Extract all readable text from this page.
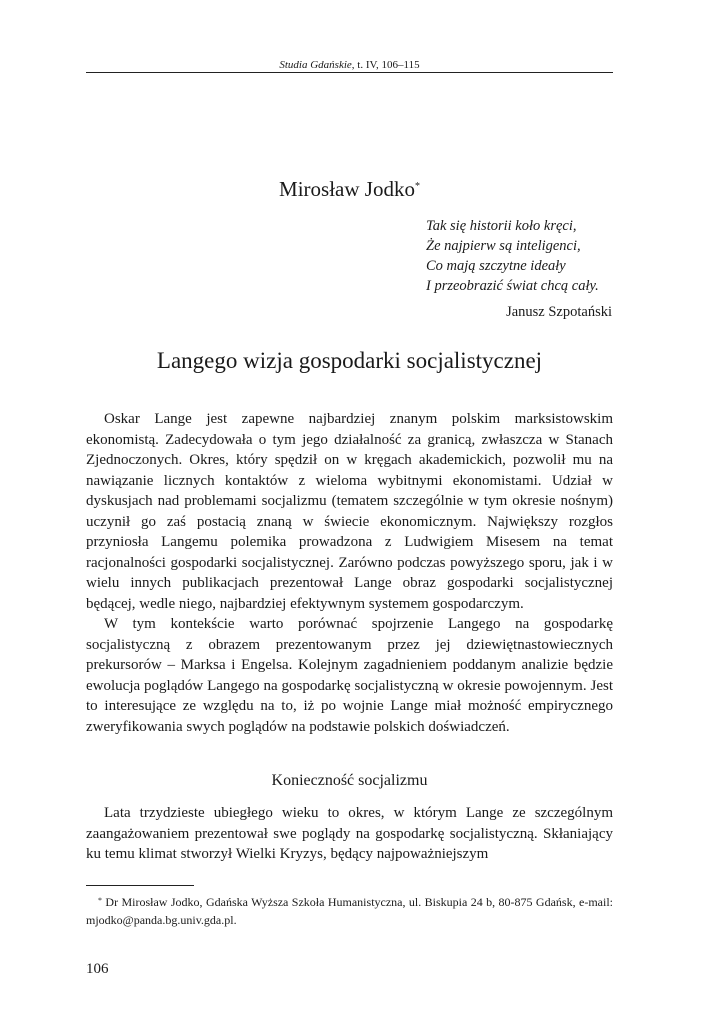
Studia Gdańskie, t. IV, 106–115
Mirosław Jodko*
Tak się historii koło kręci,
Że najpierw są inteligenci,
Co mają szczytne ideały
I przeobrazić świat chcą cały.
Janusz Szpotański
Langego wizja gospodarki socjalistycznej

Oskar Lange jest zapewne najbardziej znanym polskim marksistowskim ekonomistą. Zadecydowała o tym jego działalność za granicą, zwłaszcza w Stanach Zjednoczonych. Okres, który spędził on w kręgach akademickich, pozwolił mu na nawiązanie licznych kontaktów z wieloma wybitnymi ekonomistami. Udział w dyskusjach nad problemami socjalizmu (tematem szczególnie w tym okresie nośnym) uczynił go zaś postacią znaną w świecie ekonomicznym. Największy rozgłos przyniosła Langemu polemika prowadzona z Ludwigiem Misesem na temat racjonalności gospodarki socjalistycznej. Zarówno podczas powyższego sporu, jak i w wielu innych publikacjach prezentował Lange obraz gospodarki socjalistycznej będącej, wedle niego, najbardziej efektywnym systemem gospodarczym.

W tym kontekście warto porównać spojrzenie Langego na gospodarkę socjalistyczną z obrazem prezentowanym przez jej dziewiętnastowiecznych prekursorów – Marksa i Engelsa. Kolejnym zagadnieniem poddanym analizie będzie ewolucja poglądów Langego na gospodarkę socjalistyczną w okresie powojennym. Jest to interesujące ze względu na to, iż po wojnie Lange miał możność empirycznego zweryfikowania swych poglądów na podstawie polskich doświadczeń.

Konieczność socjalizmu

Lata trzydzieste ubiegłego wieku to okres, w którym Lange ze szczególnym zaangażowaniem prezentował swe poglądy na gospodarkę socjalistyczną. Skłaniający ku temu klimat stworzył Wielki Kryzys, będący najpoważniejszym

* Dr Mirosław Jodko, Gdańska Wyższa Szkoła Humanistyczna, ul. Biskupia 24 b, 80-875 Gdańsk, e-mail: mjodko@panda.bg.univ.gda.pl.
106
